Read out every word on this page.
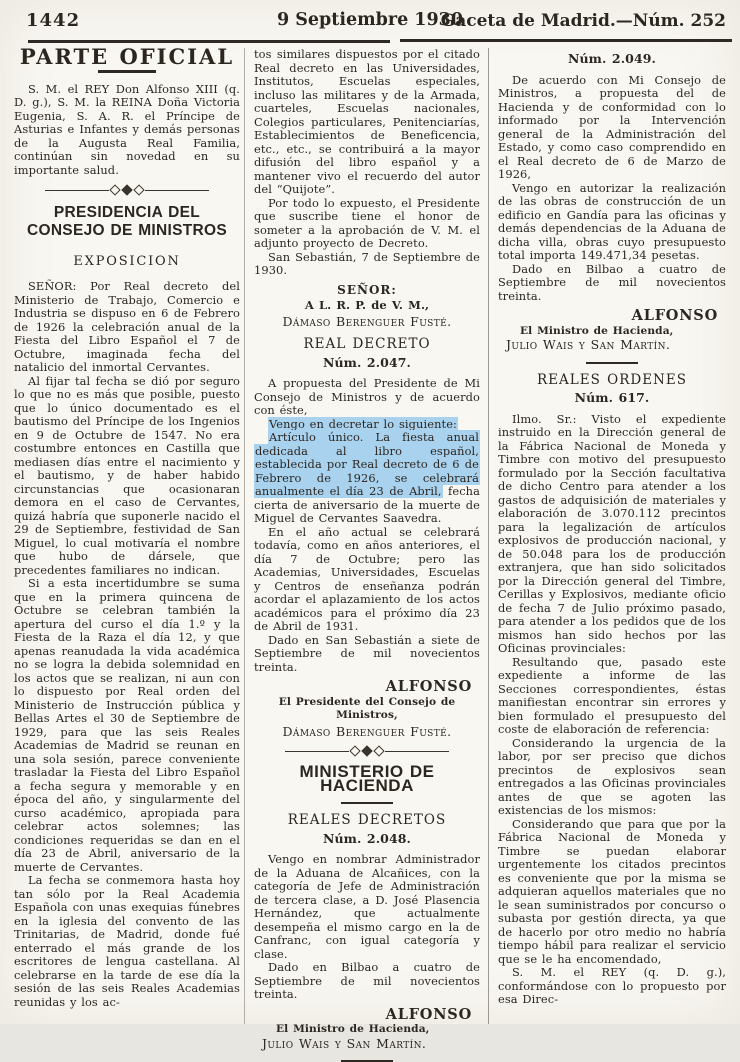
1442	9 Septiembre 1930
Gaceta de Madrid.—Núm. 252
PARTE OFICIAL

S. M. el REY Don Alfonso XIII (q. D. g.), S. M. la REINA Doña Victoria Eugenia, S. A. R. el Príncipe de Asturias e Infantes y demás personas de la Augusta Real Familia, continúan sin novedad en su importante salud.

PRESIDENCIA DEL CONSEJO DE MINISTROS
EXPOSICION

SEÑOR: Por Real decreto del Ministerio de Trabajo, Comercio e Industria se dispuso en 6 de Febrero de 1926 la celebración anual de la Fiesta del Libro Español el 7 de Octubre, imaginada fecha del natalicio del inmortal Cervantes.

Al fijar tal fecha se dió por seguro lo que no es más que posible, puesto que lo único documentado es el bautismo del Príncipe de los Ingenios en 9 de Octubre de 1547. No era costumbre entonces en Castilla que mediasen días entre el nacimiento y el bautismo, y de haber habido circunstancias que ocasionaran demora en el caso de Cervantes, quizá habría que suponerle nacido el 29 de Septiembre, festividad de San Miguel, lo cual motivaría el nombre que hubo de dársele, que precedentes familiares no indican.

Si a esta incertidumbre se suma que en la primera quincena de Octubre se celebran también la apertura del curso el día 1.º y la Fiesta de la Raza el día 12, y que apenas reanudada la vida académica no se logra la debida solemnidad en los actos que se realizan, ni aun con lo dispuesto por Real orden del Ministerio de Instrucción pública y Bellas Artes el 30 de Septiembre de 1929, para que las seis Reales Academias de Madrid se reunan en una sola sesión, parece conveniente trasladar la Fiesta del Libro Español a fecha segura y memorable y en época del año, y singularmente del curso académico, apropiada para celebrar actos solemnes; las condiciones requeridas se dan en el día 23 de Abril, aniversario de la muerte de Cervantes.

La fecha se conmemora hasta hoy tan sólo por la Real Academia Española con unas exequias fúnebres en la iglesia del convento de las Trinitarias, de Madrid, donde fué enterrado el más grande de los escritores de lengua castellana. Al celebrarse en la tarde de ese día la sesión de las seis Reales Academias reunidas y los ac-

tos similares dispuestos por el citado Real decreto en las Universidades, Institutos, Escuelas especiales, incluso las militares y de la Armada, cuarteles, Escuelas nacionales, Colegios particulares, Penitenciarías, Establecimientos de Beneficencia, etc., etc., se contribuirá a la mayor difusión del libro español y a mantener vivo el recuerdo del autor del “Quijote”.

Por todo lo expuesto, el Presidente que suscribe tiene el honor de someter a la aprobación de V. M. el adjunto proyecto de Decreto.

San Sebastián, 7 de Septiembre de 1930.

SEÑOR:
A L. R. P. de V. M.,
Dámaso Berenguer Fusté.
REAL DECRETO
Núm. 2.047.

A propuesta del Presidente de Mi Consejo de Ministros y de acuerdo con éste,

Vengo en decretar lo siguiente:

Artículo único. La fiesta anual dedicada al libro español, establecida por Real decreto de 6 de Febrero de 1926, se celebrará anualmente el día 23 de Abril, fecha cierta de aniversario de la muerte de Miguel de Cervantes Saavedra.

En el año actual se celebrará todavía, como en años anteriores, el día 7 de Octubre; pero las Academias, Universidades, Escuelas y Centros de enseñanza podrán acordar el aplazamiento de los actos académicos para el próximo día 23 de Abril de 1931.

Dado en San Sebastián a siete de Septiembre de mil novecientos treinta.

ALFONSO
El Presidente del Consejo de Ministros,
Dámaso Berenguer Fusté.
MINISTERIO DE HACIENDA
REALES DECRETOS
Núm. 2.048.

Vengo en nombrar Administrador de la Aduana de Alcañices, con la categoría de Jefe de Administración de tercera clase, a D. José Plasencia Hernández, que actualmente desempeña el mismo cargo en la de Canfranc, con igual categoría y clase.

Dado en Bilbao a cuatro de Septiembre de mil novecientos treinta.

ALFONSO
El Ministro de Hacienda,
Julio Wais y San Martín.
Núm. 2.049.

De acuerdo con Mi Consejo de Ministros, a propuesta del de Hacienda y de conformidad con lo informado por la Intervención general de la Administración del Estado, y como caso comprendido en el Real decreto de 6 de Marzo de 1926,

Vengo en autorizar la realización de las obras de construcción de un edificio en Gandía para las oficinas y demás dependencias de la Aduana de dicha villa, obras cuyo presupuesto total importa 149.471,34 pesetas.

Dado en Bilbao a cuatro de Septiembre de mil novecientos treinta.

ALFONSO
El Ministro de Hacienda,
Julio Wais y San Martín.
REALES ORDENES
Núm. 617.

Ilmo. Sr.: Visto el expediente instruido en la Dirección general de la Fábrica Nacional de Moneda y Timbre con motivo del presupuesto formulado por la Sección facultativa de dicho Centro para atender a los gastos de adquisición de materiales y elaboración de 3.070.112 precintos para la legalización de artículos explosivos de producción nacional, y de 50.048 para los de producción extranjera, que han sido solicitados por la Dirección general del Timbre, Cerillas y Explosivos, mediante oficio de fecha 7 de Julio próximo pasado, para atender a los pedidos que de los mismos han sido hechos por las Oficinas provinciales:

Resultando que, pasado este expediente a informe de las Secciones correspondientes, éstas manifiestan encontrar sin errores y bien formulado el presupuesto del coste de elaboración de referencia:

Considerando la urgencia de la labor, por ser preciso que dichos precintos de explosivos sean entregados a las Oficinas provinciales antes de que se agoten las existencias de los mismos:

Considerando que para que por la Fábrica Nacional de Moneda y Timbre se puedan elaborar urgentemente los citados precintos es conveniente que por la misma se adquieran aquellos materiales que no le sean suministrados por concurso o subasta por gestión directa, ya que de hacerlo por otro medio no habría tiempo hábil para realizar el servicio que se le ha encomendado,

S. M. el REY (q. D. g.), conformándose con lo propuesto por esa Direc-
